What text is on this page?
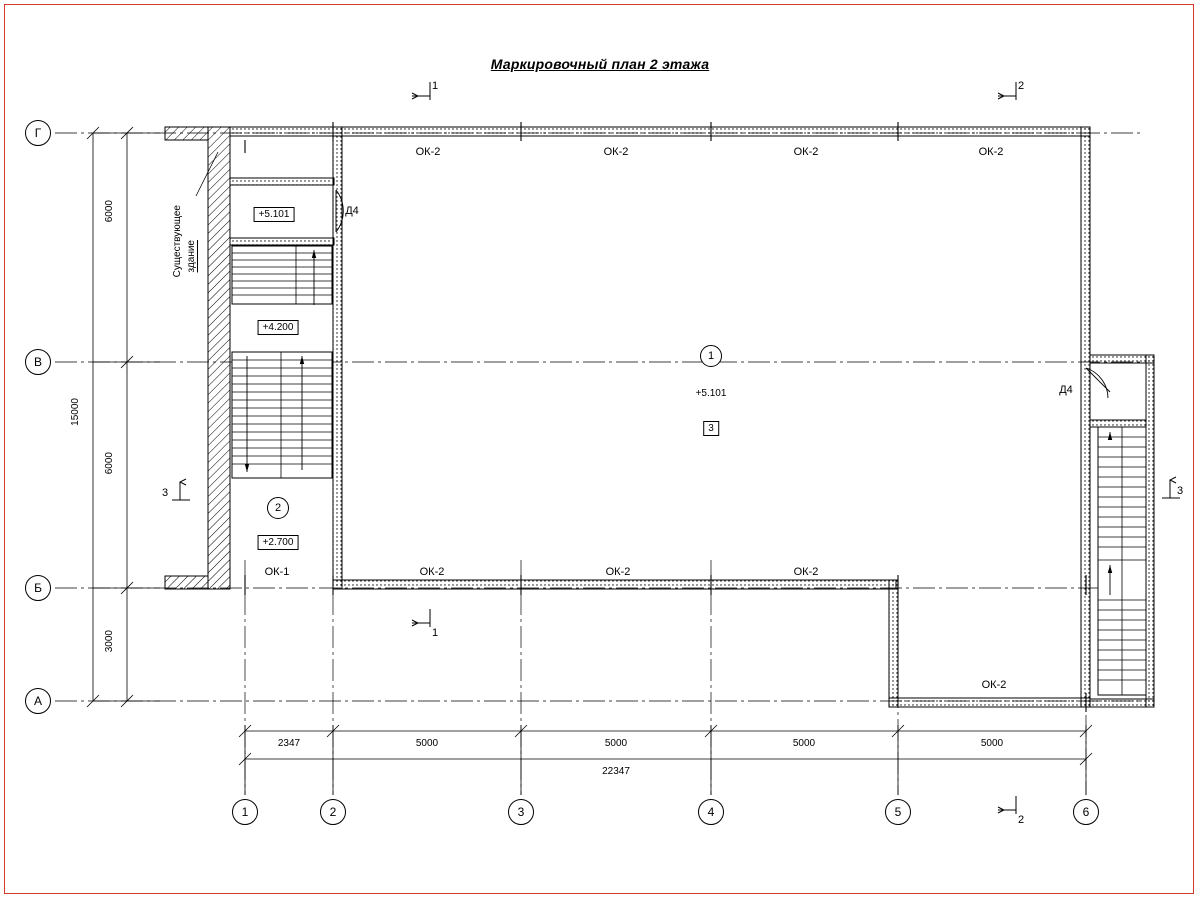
Маркировочный план 2 этажа
Г
В
Б
А
1	2	3	4	5	6
1
2
+5.101
+4.200
+5.101
+2.700
3
Существующее здание
Д4
Д4
ОК-2	ОК-2	ОК-2	ОК-2
ОК-1	ОК-2	ОК-2	ОК-2
ОК-2
1	2
1
2
3	3
6000
6000
3000
15000
2347	5000	5000	5000	5000
22347
